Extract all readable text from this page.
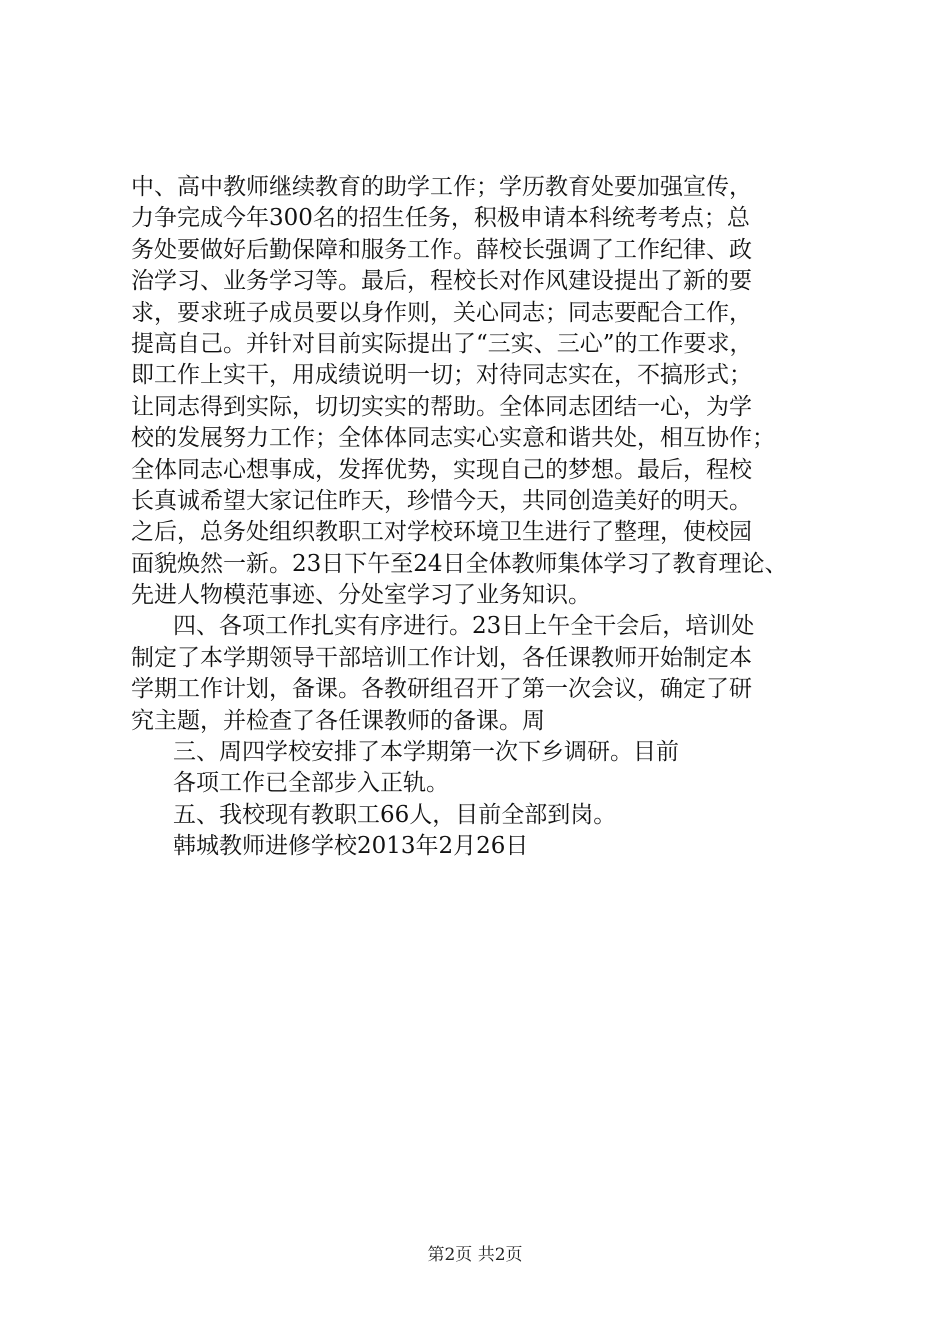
中、高中教师继续教育的助学工作；学历教育处要加强宣传，
力争完成今年300名的招生任务，积极申请本科统考考点；总
务处要做好后勤保障和服务工作。薛校长强调了工作纪律、政
治学习、业务学习等。最后，程校长对作风建设提出了新的要
求，要求班子成员要以身作则，关心同志；同志要配合工作，
提高自己。并针对目前实际提出了“三实、三心”的工作要求，
即工作上实干，用成绩说明一切；对待同志实在，不搞形式；
让同志得到实际，切切实实的帮助。全体同志团结一心，为学
校的发展努力工作；全体体同志实心实意和谐共处，相互协作；
全体同志心想事成，发挥优势，实现自己的梦想。最后，程校
长真诚希望大家记住昨天，珍惜今天，共同创造美好的明天。
之后，总务处组织教职工对学校环境卫生进行了整理，使校园
面貌焕然一新。23日下午至24日全体教师集体学习了教育理论、
先进人物模范事迹、分处室学习了业务知识。
四、各项工作扎实有序进行。23日上午全干会后，培训处
制定了本学期领导干部培训工作计划，各任课教师开始制定本
学期工作计划，备课。各教研组召开了第一次会议，确定了研
究主题，并检查了各任课教师的备课。周
三、周四学校安排了本学期第一次下乡调研。目前
各项工作已全部步入正轨。
五、我校现有教职工66人，目前全部到岗。
韩城教师进修学校2013年2月26日
第2页 共2页
